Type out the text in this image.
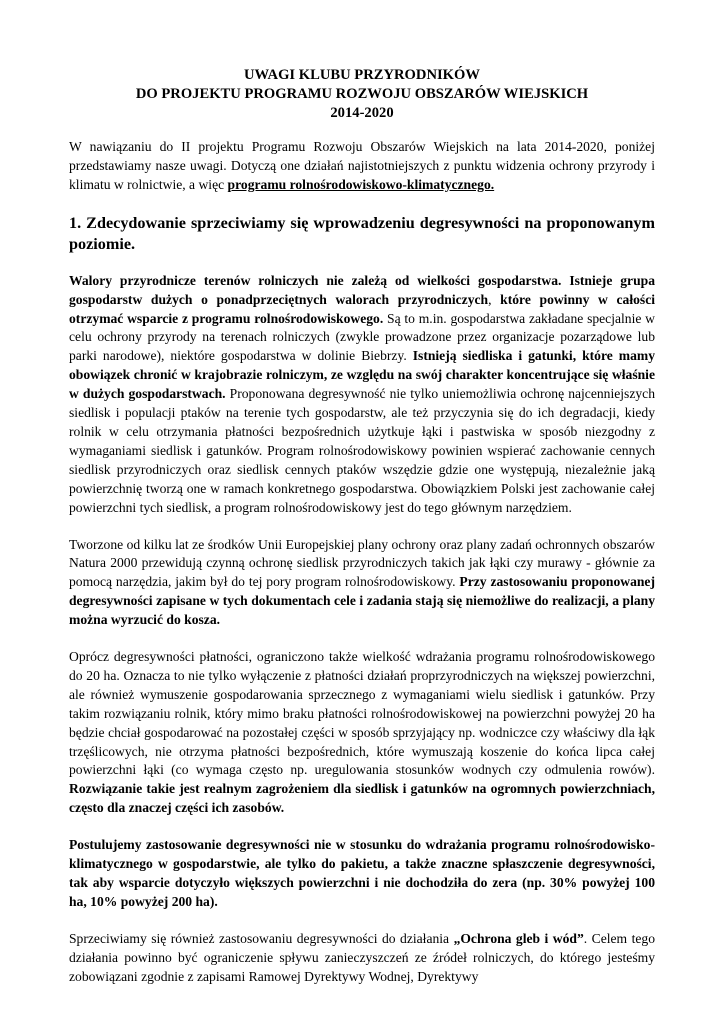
UWAGI KLUBU PRZYRODNIKÓW
DO PROJEKTU PROGRAMU ROZWOJU OBSZARÓW WIEJSKICH
2014-2020

W nawiązaniu do II projektu Programu Rozwoju Obszarów Wiejskich na lata 2014-2020, poniżej przedstawiamy nasze uwagi. Dotyczą one działań najistotniejszych z punktu widzenia ochrony przyrody i klimatu w rolnictwie, a więc programu rolnośrodowiskowo-klimatycznego.

1. Zdecydowanie sprzeciwiamy się wprowadzeniu degresywności na proponowanym poziomie.

Walory przyrodnicze terenów rolniczych nie zależą od wielkości gospodarstwa. Istnieje grupa gospodarstw dużych o ponadprzeciętnych walorach przyrodniczych, które powinny w całości otrzymać wsparcie z programu rolnośrodowiskowego. Są to m.in. gospodarstwa zakładane specjalnie w celu ochrony przyrody na terenach rolniczych (zwykle prowadzone przez organizacje pozarządowe lub parki narodowe), niektóre gospodarstwa w dolinie Biebrzy. Istnieją siedliska i gatunki, które mamy obowiązek chronić w krajobrazie rolniczym, ze względu na swój charakter koncentrujące się właśnie w dużych gospodarstwach. Proponowana degresywność nie tylko uniemożliwia ochronę najcenniejszych siedlisk i populacji ptaków na terenie tych gospodarstw, ale też przyczynia się do ich degradacji, kiedy rolnik w celu otrzymania płatności bezpośrednich użytkuje łąki i pastwiska w sposób niezgodny z wymaganiami siedlisk i gatunków. Program rolnośrodowiskowy powinien wspierać zachowanie cennych siedlisk przyrodniczych oraz siedlisk cennych ptaków wszędzie gdzie one występują, niezależnie jaką powierzchnię tworzą one w ramach konkretnego gospodarstwa. Obowiązkiem Polski jest zachowanie całej powierzchni tych siedlisk, a program rolnośrodowiskowy jest do tego głównym narzędziem.

Tworzone od kilku lat ze środków Unii Europejskiej plany ochrony oraz plany zadań ochronnych obszarów Natura 2000 przewidują czynną ochronę siedlisk przyrodniczych takich jak łąki czy murawy - głównie za pomocą narzędzia, jakim był do tej pory program rolnośrodowiskowy. Przy zastosowaniu proponowanej degresywności zapisane w tych dokumentach cele i zadania stają się niemożliwe do realizacji, a plany można wyrzucić do kosza.

Oprócz degresywności płatności, ograniczono także wielkość wdrażania programu rolnośrodowiskowego do 20 ha. Oznacza to nie tylko wyłączenie z płatności działań proprzyrodniczych na większej powierzchni, ale również wymuszenie gospodarowania sprzecznego z wymaganiami wielu siedlisk i gatunków. Przy takim rozwiązaniu rolnik, który mimo braku płatności rolnośrodowiskowej na powierzchni powyżej 20 ha będzie chciał gospodarować na pozostałej części w sposób sprzyjający np. wodniczce czy właściwy dla łąk trzęślicowych, nie otrzyma płatności bezpośrednich, które wymuszają koszenie do końca lipca całej powierzchni łąki (co wymaga często np. uregulowania stosunków wodnych czy odmulenia rowów). Rozwiązanie takie jest realnym zagrożeniem dla siedlisk i gatunków na ogromnych powierzchniach, często dla znaczej części ich zasobów.

Postulujemy zastosowanie degresywności nie w stosunku do wdrażania programu rolnośrodowisko-klimatycznego w gospodarstwie, ale tylko do pakietu, a także znaczne spłaszczenie degresywności, tak aby wsparcie dotyczyło większych powierzchni i nie dochodziła do zera (np. 30% powyżej 100 ha, 10% powyżej 200 ha).

Sprzeciwiamy się również zastosowaniu degresywności do działania „Ochrona gleb i wód”. Celem tego działania powinno być ograniczenie spływu zanieczyszczeń ze źródeł rolniczych, do którego jesteśmy zobowiązani zgodnie z zapisami Ramowej Dyrektywy Wodnej, Dyrektywy
